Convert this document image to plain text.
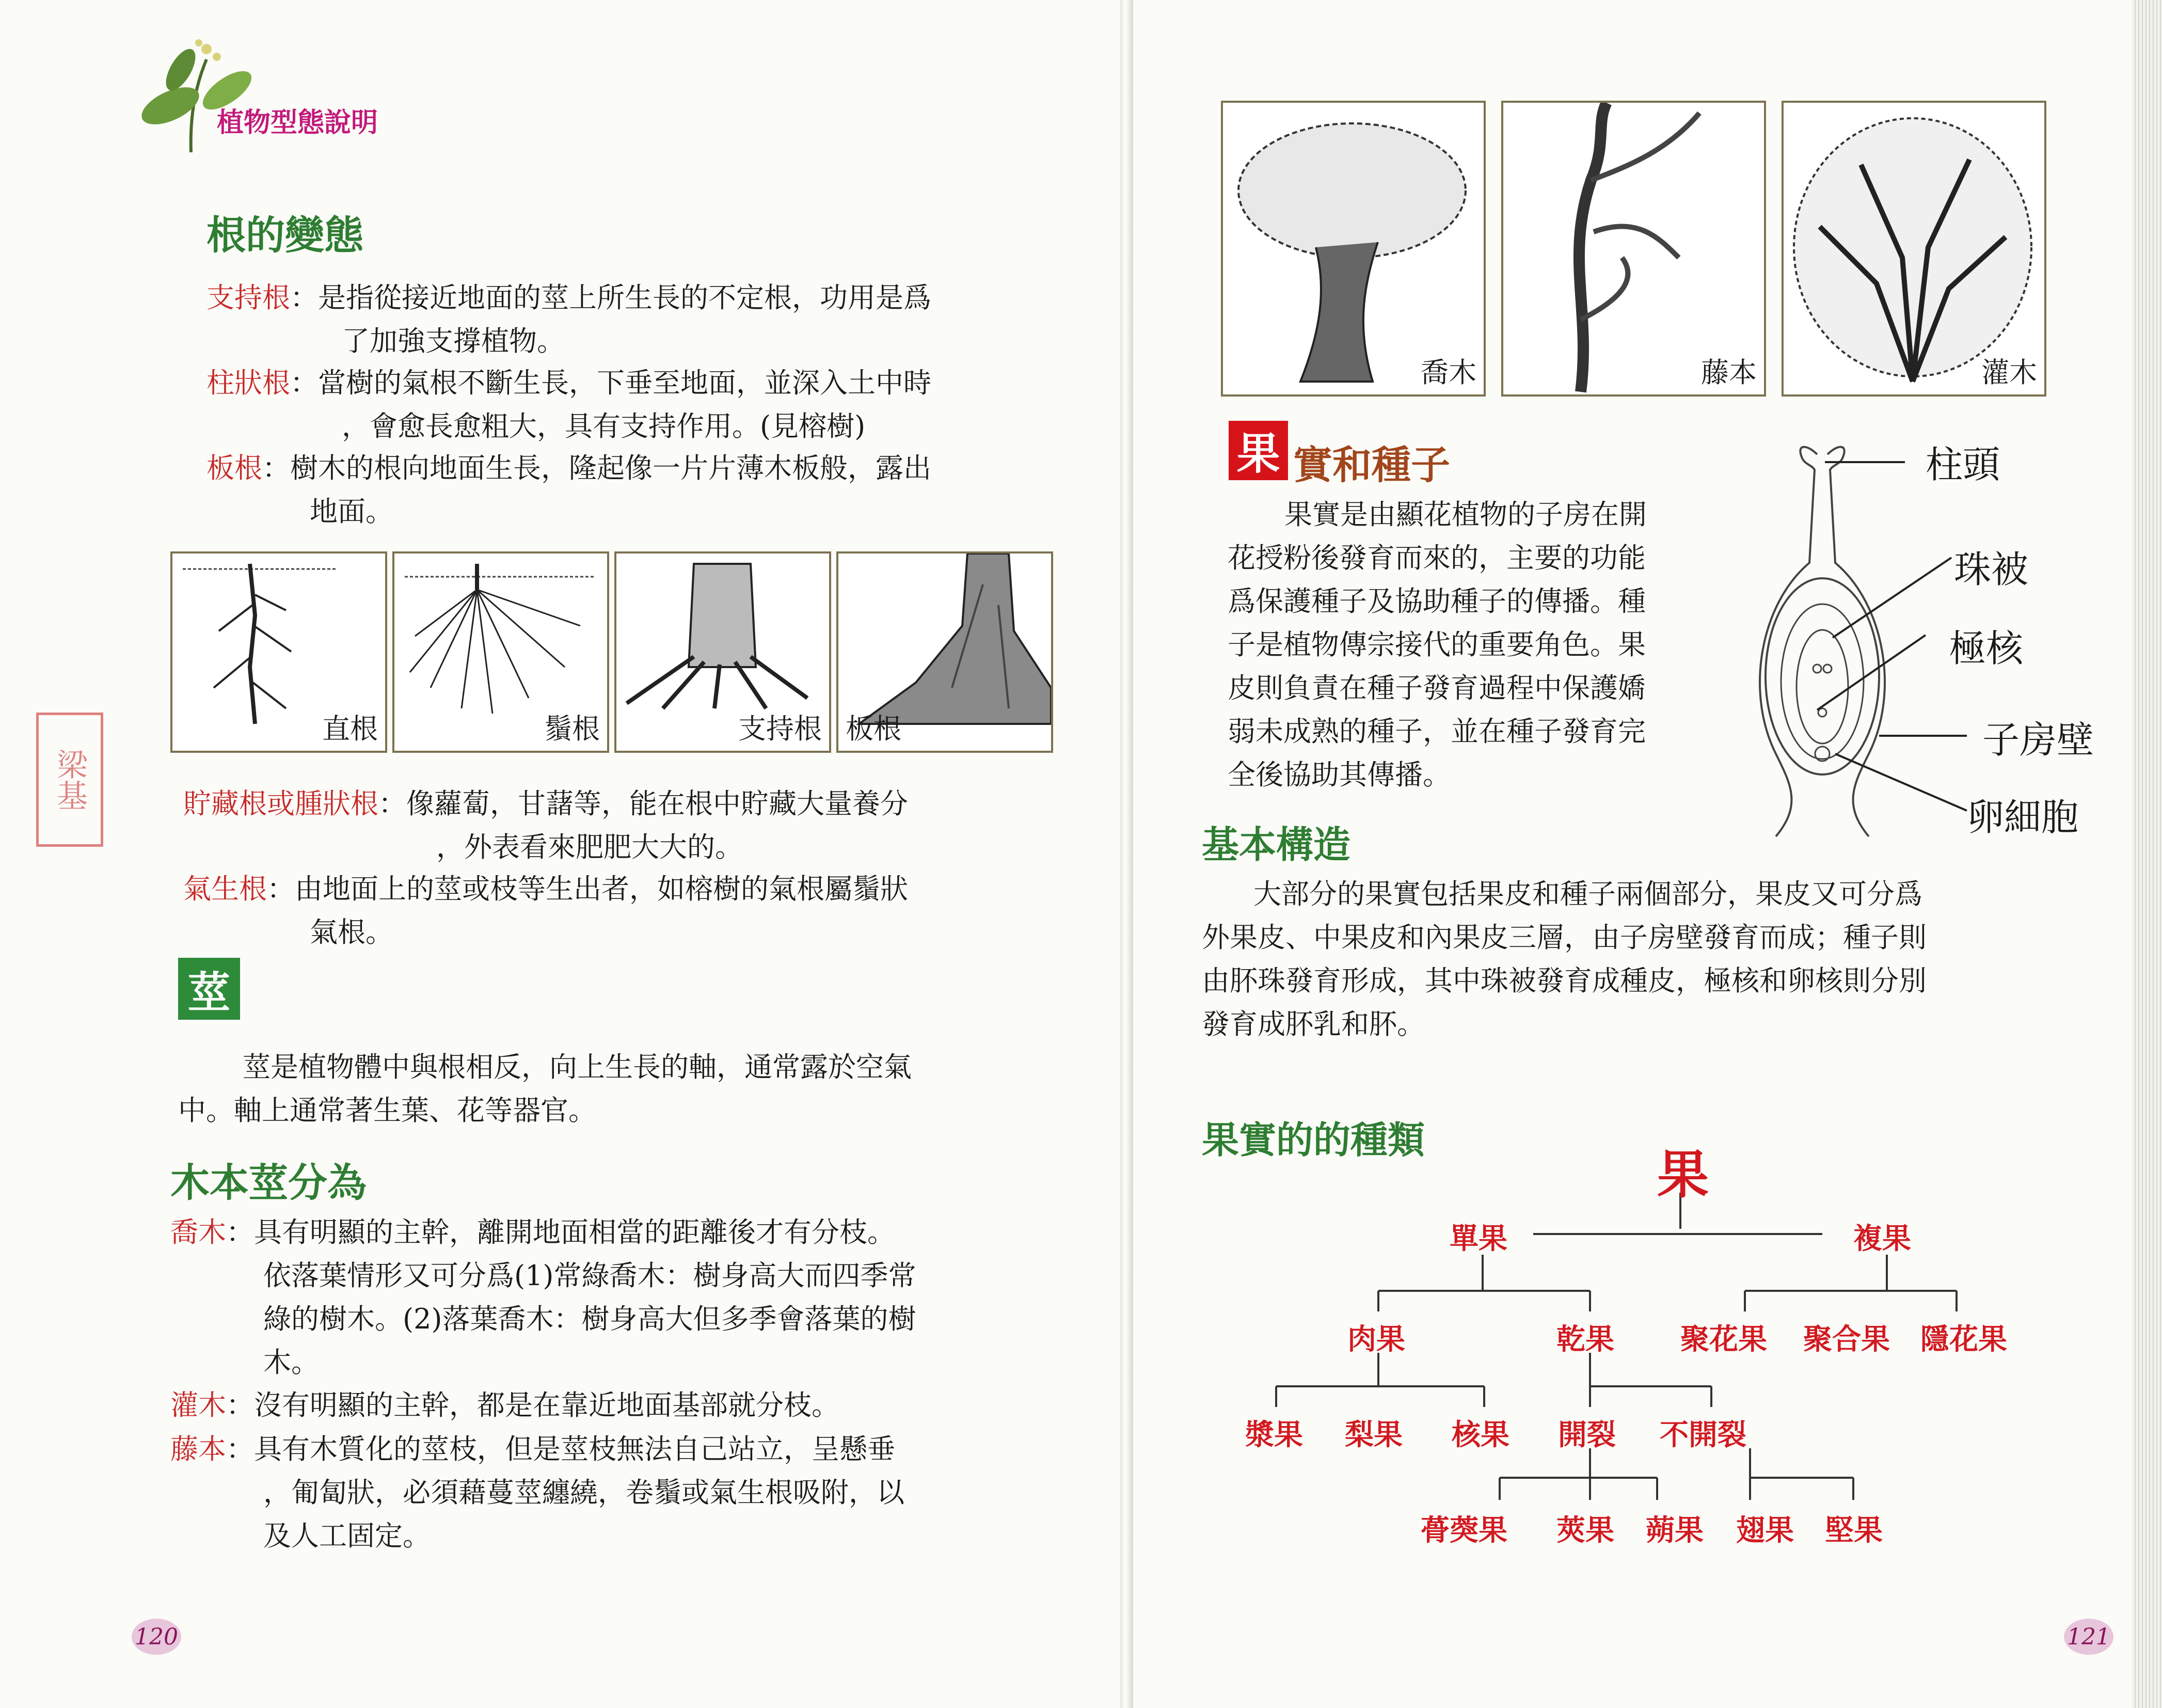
植物型態說明
根的變態
支持根：是指從接近地面的莖上所生長的不定根，功用是爲
了加強支撐植物。
柱狀根：當樹的氣根不斷生長，下垂至地面，並深入土中時
，會愈長愈粗大，具有支持作用。(見榕樹)
板根：樹木的根向地面生長，隆起像一片片薄木板般，露出
地面。
直根	鬚根	支持根 板根
貯藏根或腫狀根：像蘿蔔，甘藷等，能在根中貯藏大量養分
，外表看來肥肥大大的。
氣生根：由地面上的莖或枝等生出者，如榕樹的氣根屬鬚狀
氣根。
莖
莖是植物體中與根相反，向上生長的軸，通常露於空氣
中。軸上通常著生葉、花等器官。
木本莖分為
喬木：具有明顯的主幹，離開地面相當的距離後才有分枝。
依落葉情形又可分爲(1)常綠喬木：樹身高大而四季常
綠的樹木。(2)落葉喬木：樹身高大但多季會落葉的樹
木。
灌木：沒有明顯的主幹，都是在靠近地面基部就分枝。
藤本：具有木質化的莖枝，但是莖枝無法自己站立，呈懸垂
，匍匐狀，必須藉蔓莖纏繞，卷鬚或氣生根吸附，以
及人工固定。
梁基
120
喬木	藤本	灌木
果 實和種子
果實是由顯花植物的子房在開
花授粉後發育而來的，主要的功能
爲保護種子及協助種子的傳播。種
子是植物傳宗接代的重要角色。果
皮則負責在種子發育過程中保護嬌
弱未成熟的種子，並在種子發育完
全後協助其傳播。
柱頭
珠被
極核
子房壁
卵細胞
基本構造
大部分的果實包括果皮和種子兩個部分，果皮又可分爲
外果皮、中果皮和內果皮三層，由子房壁發育而成；種子則
由肧珠發育形成，其中珠被發育成種皮，極核和卵核則分別
發育成肧乳和肧。
果實的的種類
果
單果	複果
肉果	乾果 聚花果 聚合果 隱花果
漿果 梨果 核果 開裂 不開裂
蓇葖果 莢果 蒴果 翅果 堅果
121
